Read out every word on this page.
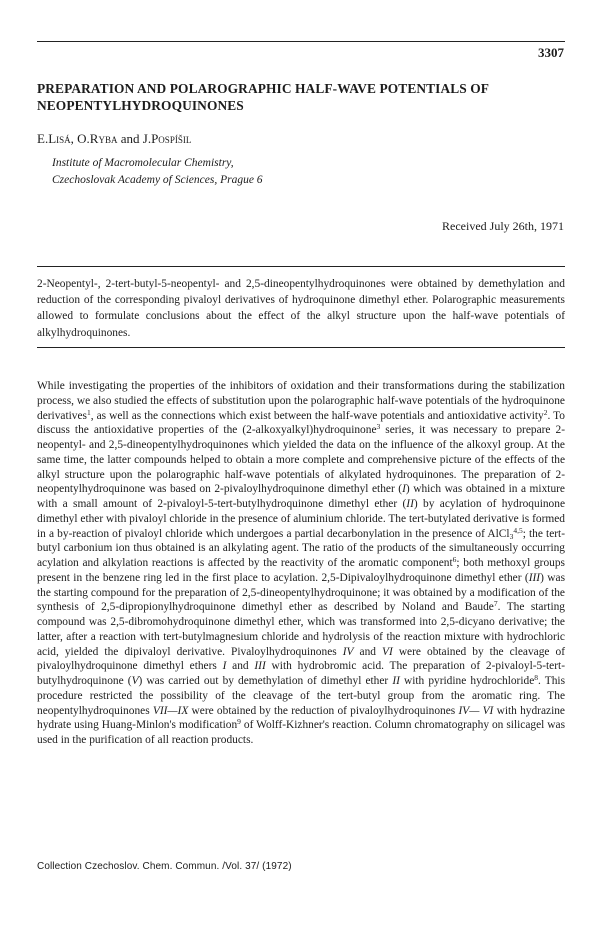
3307
PREPARATION AND POLAROGRAPHIC HALF-WAVE POTENTIALS OF NEOPENTYLHYDROQUINONES
E.Lisá, O.Ryba and J.Pospíšil
Institute of Macromolecular Chemistry,
Czechoslovak Academy of Sciences, Prague 6
Received July 26th, 1971
2-Neopentyl-, 2-tert-butyl-5-neopentyl- and 2,5-dineopentylhydroquinones were obtained by demethylation and reduction of the corresponding pivaloyl derivatives of hydroquinone dimethyl ether. Polarographic measurements allowed to formulate conclusions about the effect of the alkyl structure upon the half-wave potentials of alkylhydroquinones.

While investigating the properties of the inhibitors of oxidation and their transformations during the stabilization process, we also studied the effects of substitution upon the polarographic half-wave potentials of the hydroquinone derivatives$^1$, as well as the connections which exist between the half-wave potentials and antioxidative activity$^2$. To discuss the antioxidative properties of the (2-alkoxyalkyl)hydroquinone$^3$ series, it was necessary to prepare 2-neopentyl- and 2,5-dineopentylhydroquinones which yielded the data on the influence of the alkoxyl group. At the same time, the latter compounds helped to obtain a more complete and comprehensive picture of the effects of the alkyl structure upon the polarographic half-wave potentials of alkylated hydroquinones. The preparation of 2-neopentylhydroquinone was based on 2-pivaloylhydroquinone dimethyl ether (I) which was obtained in a mixture with a small amount of 2-pivaloyl-5-tert-butylhydroquinone dimethyl ether (II) by acylation of hydroquinone dimethyl ether with pivaloyl chloride in the presence of aluminium chloride. The tert-butylated derivative is formed in a by-reaction of pivaloyl chloride which undergoes a partial decarbonylation in the presence of AlCl$_3^{4,5}$; the tert-butyl carbonium ion thus obtained is an alkylating agent. The ratio of the products of the simultaneously occurring acylation and alkylation reactions is affected by the reactivity of the aromatic component$^6$; both methoxyl groups present in the benzene ring led in the first place to acylation. 2,5-Dipivaloylhydroquinone dimethyl ether (III) was the starting compound for the preparation of 2,5-dineopentylhydroquinone; it was obtained by a modification of the synthesis of 2,5-dipropionylhydroquinone dimethyl ether as described by Noland and Baude$^7$. The starting compound was 2,5-dibromohydroquinone dimethyl ether, which was transformed into 2,5-dicyano derivative; the latter, after a reaction with tert-butylmagnesium chloride and hydrolysis of the reaction mixture with hydrochloric acid, yielded the dipivaloyl derivative. Pivaloylhydroquinones IV and VI were obtained by the cleavage of pivaloylhydroquinone dimethyl ethers I and III with hydrobromic acid. The preparation of 2-pivaloyl-5-tert-butylhydroquinone (V) was carried out by demethylation of dimethyl ether II with pyridine hydrochloride$^8$. This procedure restricted the possibility of the cleavage of the tert-butyl group from the aromatic ring. The neopentylhydroquinones VII—IX were obtained by the reduction of pivaloylhydroquinones IV— VI with hydrazine hydrate using Huang-Minlon's modification$^9$ of Wolff-Kizhner's reaction. Column chromatography on silicagel was used in the purification of all reaction products.

Collection Czechoslov. Chem. Commun. /Vol. 37/ (1972)
